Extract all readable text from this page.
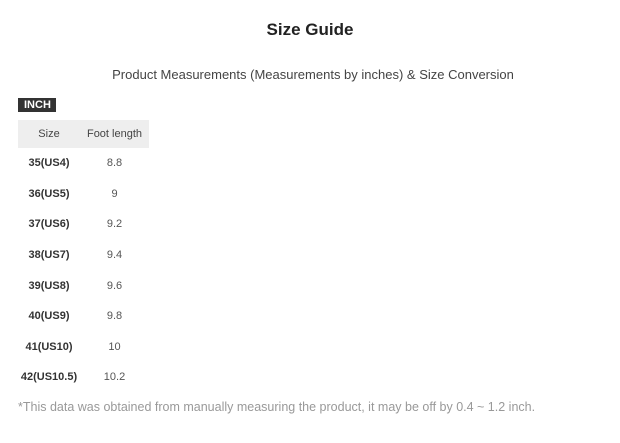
Size Guide
Product Measurements (Measurements by inches) & Size Conversion
INCH
Size	Foot length
35(US4)	8.8
36(US5)	9
37(US6)	9.2
38(US7)	9.4
39(US8)	9.6
40(US9)	9.8
41(US10)	10
42(US10.5)	10.2
*This data was obtained from manually measuring the product, it may be off by 0.4 ~ 1.2 inch.
